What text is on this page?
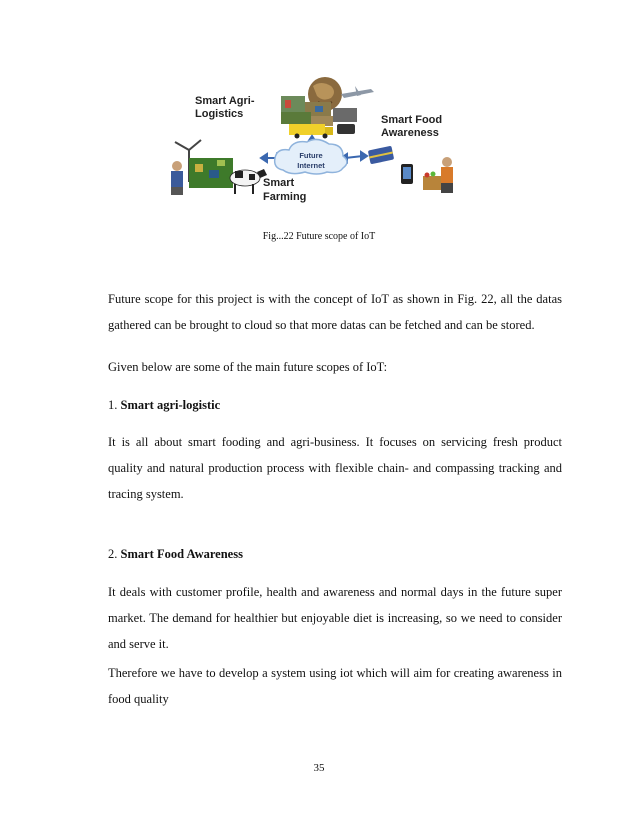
Future
Internet
Smart Agri-
Logistics	Smart Food
Awareness
Smart
Farming
Fig...22 Future scope of IoT

Future scope for this project is with the concept of IoT as shown in Fig. 22, all the datas gathered can be brought to cloud so that more datas can be fetched and can be stored.

Given below are some of the main future scopes of IoT:

1. Smart agri-logistic

It is all about smart fooding and agri-business. It focuses on servicing fresh product quality and natural production process with flexible chain- and compassing tracking and tracing system.

2. Smart Food Awareness

It deals with customer profile, health and awareness and normal days in the future super market. The demand for healthier but enjoyable diet is increasing, so we need to consider and serve it.

Therefore we have to develop a system using iot which will aim for creating awareness in food quality

35
